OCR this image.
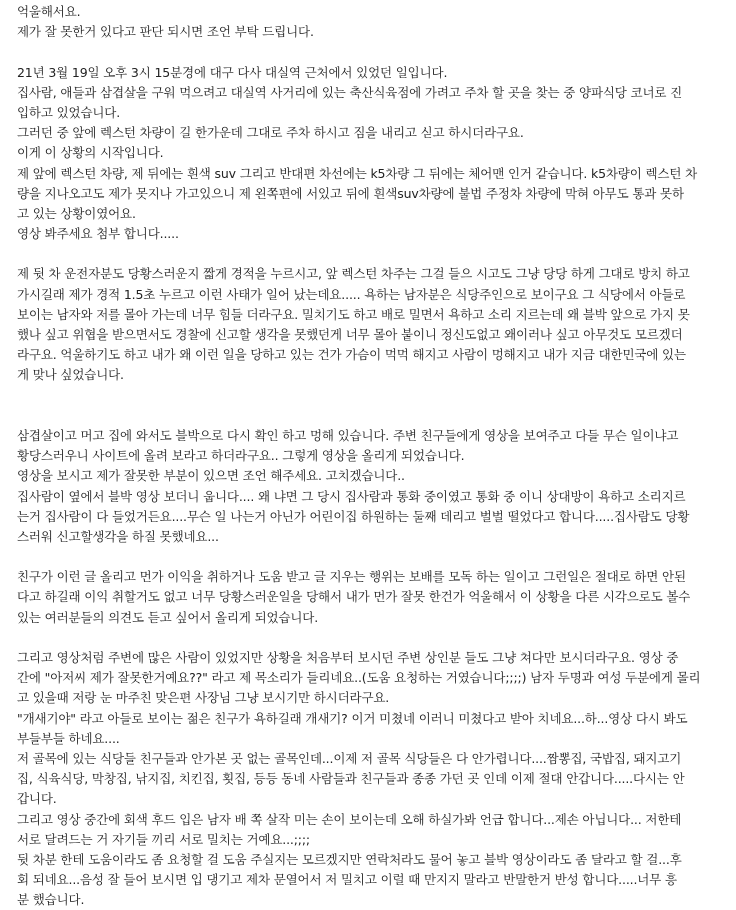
억울해서요.
제가 잘 못한거 있다고 판단 되시면 조언 부탁 드립니다.
21년 3월 19일 오후 3시 15분경에 대구 다사 대실역 근처에서 있었던 일입니다.
집사람, 애들과 삼겹살을 구워 먹으려고 대실역 사거리에 있는 축산식육점에 가려고 주차 할 곳을 찾는 중 양파식당 코너로 진
입하고 있었습니다.
그러던 중 앞에 렉스턴 차량이 길 한가운데 그대로 주차 하시고 짐을 내리고 싣고 하시더라구요.
이게 이 상황의 시작입니다.
제 앞에 렉스턴 차량, 제 뒤에는 흰색 suv 그리고 반대편 차선에는 k5차량 그 뒤에는 체어맨 인거 같습니다. k5차량이 렉스턴 차
량을 지나오고도 제가 못지나 가고있으니 제 왼쪽편에 서있고 뒤에 흰색suv차량에 불법 주정차 차량에 막혀 아무도 통과 못하
고 있는 상황이였어요.
영상 봐주세요 첨부 합니다.....
제 뒷 차 운전자분도 당황스러운지 짧게 경적을 누르시고, 앞 렉스턴 차주는 그걸 들으 시고도 그냥 당당 하게 그대로 방치 하고
가시길래 제가 경적 1.5초 누르고 이런 사태가 일어 났는데요..... 욕하는 남자분은 식당주인으로 보이구요 그 식당에서 아들로
보이는 남자와 저를 몰아 가는데 너무 힘들 더라구요. 밀치기도 하고 배로 밀면서 욕하고 소리 지르는데 왜 블박 앞으로 가지 못
했나 싶고 위협을 받으면서도 경찰에 신고할 생각을 못했던게 너무 몰아 붙이니 정신도없고 왜이러나 싶고 아무것도 모르겠더
라구요. 억울하기도 하고 내가 왜 이런 일을 당하고 있는 건가 가슴이 먹먹 해지고 사람이 멍해지고 내가 지금 대한민국에 있는
게 맞나 싶었습니다.
삼겹살이고 머고 집에 와서도 블박으로 다시 확인 하고 멍해 있습니다. 주변 친구들에게 영상을 보여주고 다들 무슨 일이냐고
황당스러우니 사이트에 올려 보라고 하더라구요.. 그렇게 영상을 올리게 되었습니다.
영상을 보시고 제가 잘못한 부분이 있으면 조언 해주세요. 고치겠습니다..
집사람이 옆에서 블박 영상 보더니 웁니다.... 왜 냐면 그 당시 집사람과 통화 중이였고 통화 중 이니 상대방이 욕하고 소리지르
는거 집사람이 다 들었거든요....무슨 일 나는거 아닌가 어린이집 하원하는 둘째 데리고 벌벌 떨었다고 합니다.....집사람도 당황
스러워 신고할생각을 하질 못했네요...
친구가 이런 글 올리고 먼가 이익을 취하거나 도움 받고 글 지우는 행위는 보배를 모독 하는 일이고 그런일은 절대로 하면 안된
다고 하길래 이익 취할거도 없고 너무 당황스러운일을 당해서 내가 먼가 잘못 한건가 억울해서 이 상황을 다른 시각으로도 볼수
있는 여러분들의 의견도 듣고 싶어서 올리게 되었습니다.
그리고 영상처럼 주변에 많은 사람이 있었지만 상황을 처음부터 보시던 주변 상인분 들도 그냥 쳐다만 보시더라구요. 영상 중
간에 "아저씨 제가 잘못한거예요??" 라고 제 목소리가 들리네요..(도움 요청하는 거였습니다;;;;) 남자 두명과 여성 두분에게 몰리
고 있을때 저랑 눈 마주친 맞은편 사장님 그냥 보시기만 하시더라구요.
"개새기야" 라고 아들로 보이는 젊은 친구가 욕하길래 개새기? 이거 미쳤네 이러니 미쳤다고 받아 치네요...하...영상 다시 봐도
부들부들 하네요....
저 골목에 있는 식당들 친구들과 안가본 곳 없는 골목인데...이제 저 골목 식당들은 다 안가렵니다....짬뽕집, 국밥집, 돼지고기
집, 식육식당, 막창집, 낚지집, 치킨집, 횟집, 등등 동네 사람들과 친구들과 종종 가던 곳 인데 이제 절대 안갑니다.....다시는 안
갑니다.
그리고 영상 중간에 회색 후드 입은 남자 배 쪽 살작 미는 손이 보이는데 오해 하실가봐 언급 합니다...제손 아닙니다... 저한테
서로 달려드는 거 자기들 끼리 서로 밀치는 거예요...;;;;
뒷 차분 한테 도움이라도 좀 요청할 걸 도움 주실지는 모르겠지만 연락처라도 물어 놓고 블박 영상이라도 좀 달라고 할 걸...후
회 되네요...음성 잘 들어 보시면 입 댕기고 제차 문열어서 저 밀치고 이럴 때 만지지 말라고 반말한거 반성 합니다.....너무 흥
분 했습니다.
